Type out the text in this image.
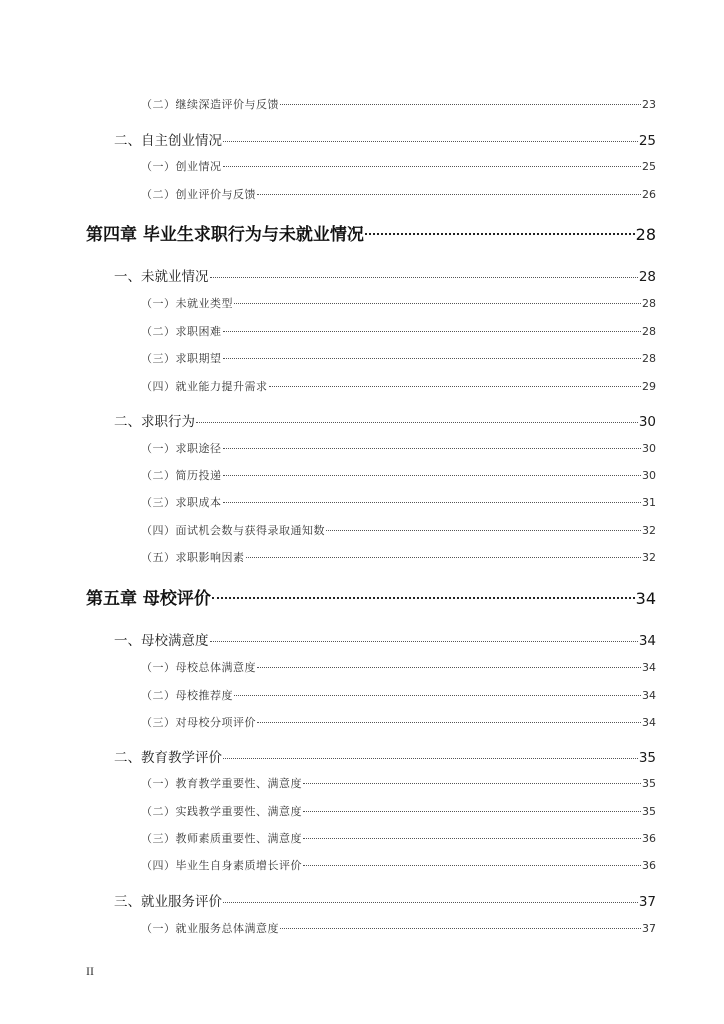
（二）继续深造评价与反馈	23
二、自主创业情况	25
（一）创业情况	25
（二）创业评价与反馈	26
第四章 毕业生求职行为与未就业情况	28
一、未就业情况	28
（一）未就业类型	28
（二）求职困难	28
（三）求职期望	28
（四）就业能力提升需求	29
二、求职行为	30
（一）求职途径	30
（二）简历投递	30
（三）求职成本	31
（四）面试机会数与获得录取通知数	32
（五）求职影响因素	32
第五章 母校评价	34
一、母校满意度	34
（一）母校总体满意度	34
（二）母校推荐度	34
（三）对母校分项评价	34
二、教育教学评价	35
（一）教育教学重要性、满意度	35
（二）实践教学重要性、满意度	35
（三）教师素质重要性、满意度	36
（四）毕业生自身素质增长评价	36
三、就业服务评价	37
（一）就业服务总体满意度	37
II
